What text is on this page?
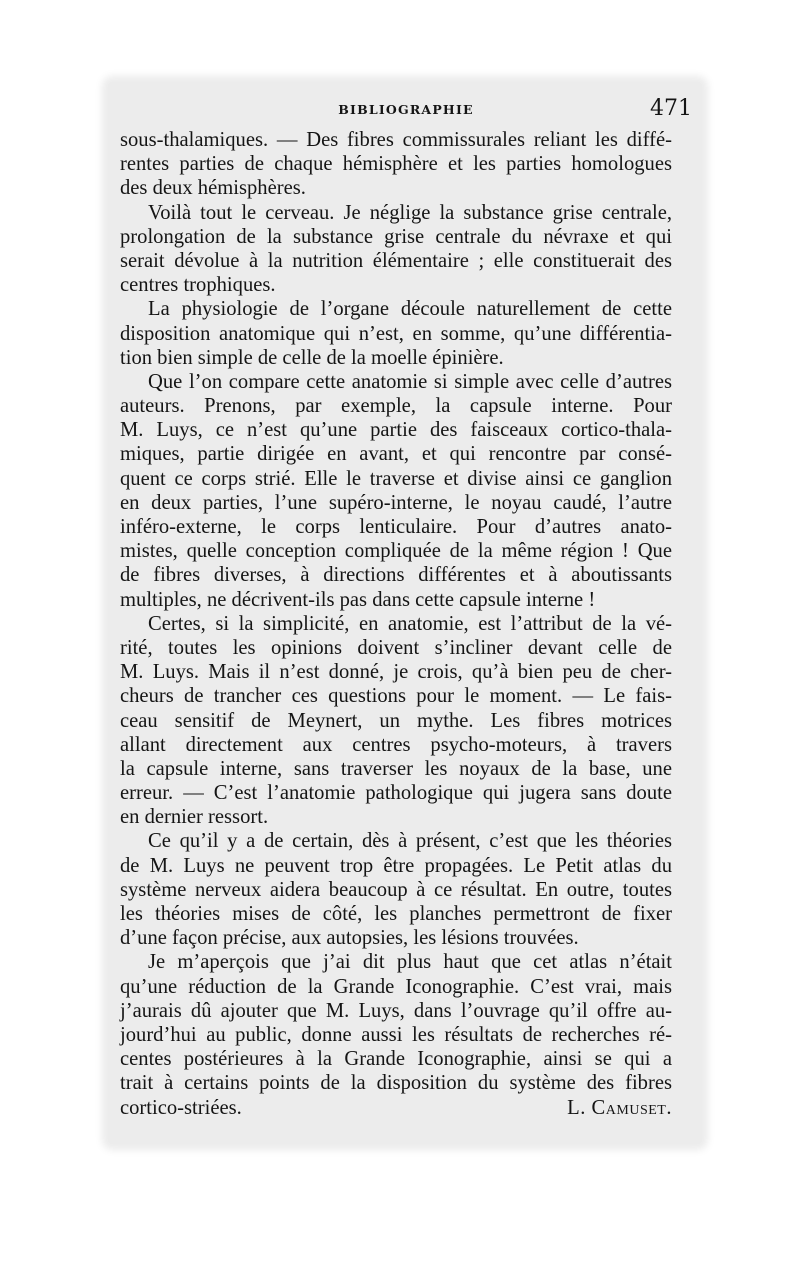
BIBLIOGRAPHIE	471
sous-thalamiques. — Des fibres commissurales reliant les diffé-
rentes parties de chaque hémisphère et les parties homologues
des deux hémisphères.
Voilà tout le cerveau. Je néglige la substance grise centrale,
prolongation de la substance grise centrale du névraxe et qui
serait dévolue à la nutrition élémentaire ; elle constituerait des
centres trophiques.
La physiologie de l’organe découle naturellement de cette
disposition anatomique qui n’est, en somme, qu’une différentia-
tion bien simple de celle de la moelle épinière.
Que l’on compare cette anatomie si simple avec celle d’autres
auteurs. Prenons, par exemple, la capsule interne. Pour
M. Luys, ce n’est qu’une partie des faisceaux cortico-thala-
miques, partie dirigée en avant, et qui rencontre par consé-
quent ce corps strié. Elle le traverse et divise ainsi ce ganglion
en deux parties, l’une supéro-interne, le noyau caudé, l’autre
inféro-externe, le corps lenticulaire. Pour d’autres anato-
mistes, quelle conception compliquée de la même région ! Que
de fibres diverses, à directions différentes et à aboutissants
multiples, ne décrivent-ils pas dans cette capsule interne !
Certes, si la simplicité, en anatomie, est l’attribut de la vé-
rité, toutes les opinions doivent s’incliner devant celle de
M. Luys. Mais il n’est donné, je crois, qu’à bien peu de cher-
cheurs de trancher ces questions pour le moment. — Le fais-
ceau sensitif de Meynert, un mythe. Les fibres motrices
allant directement aux centres psycho-moteurs, à travers
la capsule interne, sans traverser les noyaux de la base, une
erreur. — C’est l’anatomie pathologique qui jugera sans doute
en dernier ressort.
Ce qu’il y a de certain, dès à présent, c’est que les théories
de M. Luys ne peuvent trop être propagées. Le Petit atlas du
système nerveux aidera beaucoup à ce résultat. En outre, toutes
les théories mises de côté, les planches permettront de fixer
d’une façon précise, aux autopsies, les lésions trouvées.
Je m’aperçois que j’ai dit plus haut que cet atlas n’était
qu’une réduction de la Grande Iconographie. C’est vrai, mais
j’aurais dû ajouter que M. Luys, dans l’ouvrage qu’il offre au-
jourd’hui au public, donne aussi les résultats de recherches ré-
centes postérieures à la Grande Iconographie, ainsi se qui a
trait à certains points de la disposition du système des fibres
cortico-striées.	L. Camuset.
